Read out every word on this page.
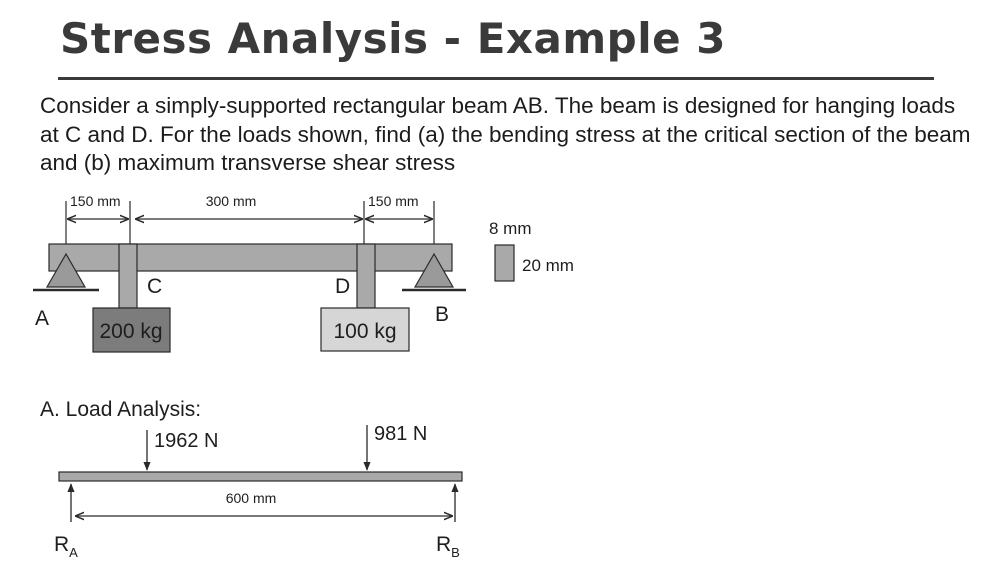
Stress Analysis - Example 3

Consider a simply-supported rectangular beam AB. The beam is designed for hanging loads at C and D. For the loads shown, find (a) the bending stress at the critical section of the beam and (b) maximum transverse shear stress

150 mm	300 mm	150 mm
200 kg	100 kg
A
C	D
B
8 mm
20 mm
A. Load Analysis:
1962 N	981 N
600 mm
$R_A$	$R_B$
